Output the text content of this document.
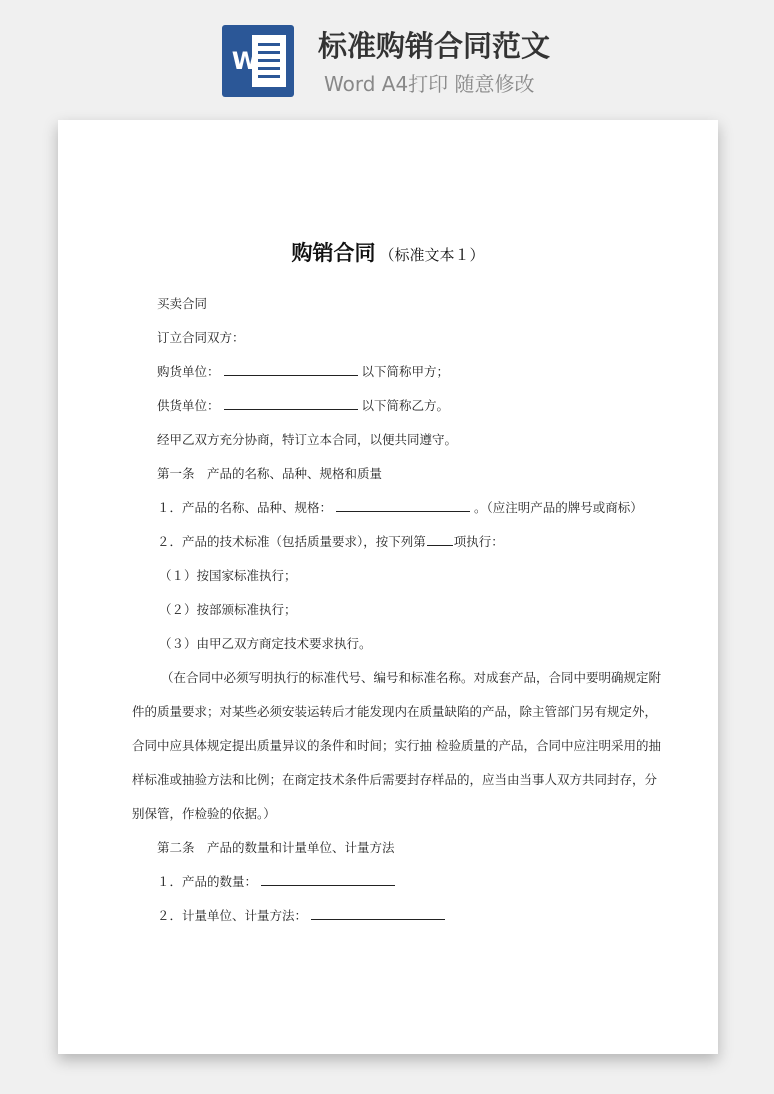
W 标准购销合同范文
Word A4打印 随意修改
购销合同 （标准文本１）
买卖合同
订立合同双方：
购货单位：	以下简称甲方；
供货单位：	以下简称乙方。
经甲乙双方充分协商，特订立本合同，以便共同遵守。
第一条　产品的名称、品种、规格和质量
１．产品的名称、品种、规格：	。（应注明产品的牌号或商标）
２．产品的技术标准（包括质量要求），按下列第 项执行：
（１）按国家标准执行；
（２）按部颁标准执行；
（３）由甲乙双方商定技术要求执行。
（在合同中必须写明执行的标准代号、编号和标准名称。对成套产品，合同中要明确规定附
件的质量要求；对某些必须安装运转后才能发现内在质量缺陷的产品，除主管部门另有规定外，
合同中应具体规定提出质量异议的条件和时间；实行抽 检验质量的产品，合同中应注明采用的抽
样标准或抽验方法和比例；在商定技术条件后需要封存样品的，应当由当事人双方共同封存，分
别保管，作检验的依据。）
第二条　产品的数量和计量单位、计量方法
１．产品的数量：
２．计量单位、计量方法：
